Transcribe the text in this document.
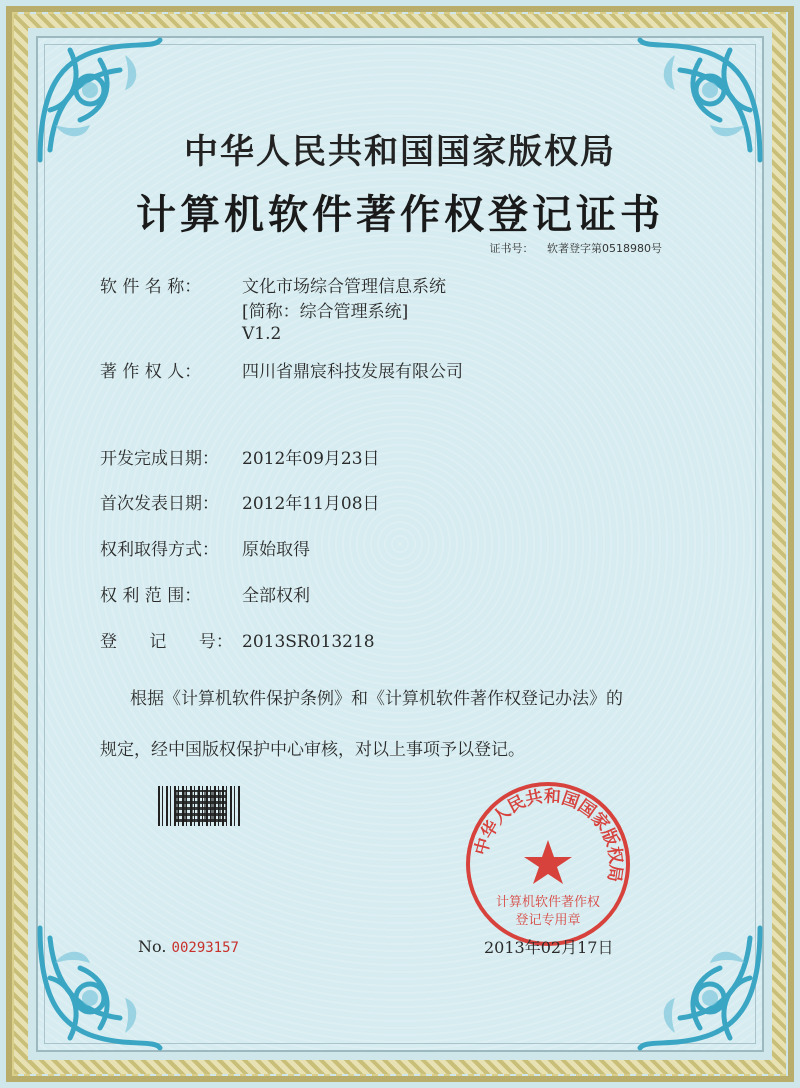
中华人民共和国国家版权局
计算机软件著作权登记证书
证书号： 软著登字第0518980号
软 件 名 称： 文化市场综合管理信息系统
[简称：综合管理系统]
V1.2
著 作 权 人： 四川省鼎宸科技发展有限公司
开发完成日期： 2012年09月23日
首次发表日期： 2012年11月08日
权利取得方式： 原始取得
权 利 范 围： 全部权利
登      记      号： 2013SR013218
根据《计算机软件保护条例》和《计算机软件著作权登记办法》的
规定，经中国版权保护中心审核，对以上事项予以登记。
中华人民共和国国家版权局
计算机软件著作权
登记专用章
No. 00293157	2013年02月17日
